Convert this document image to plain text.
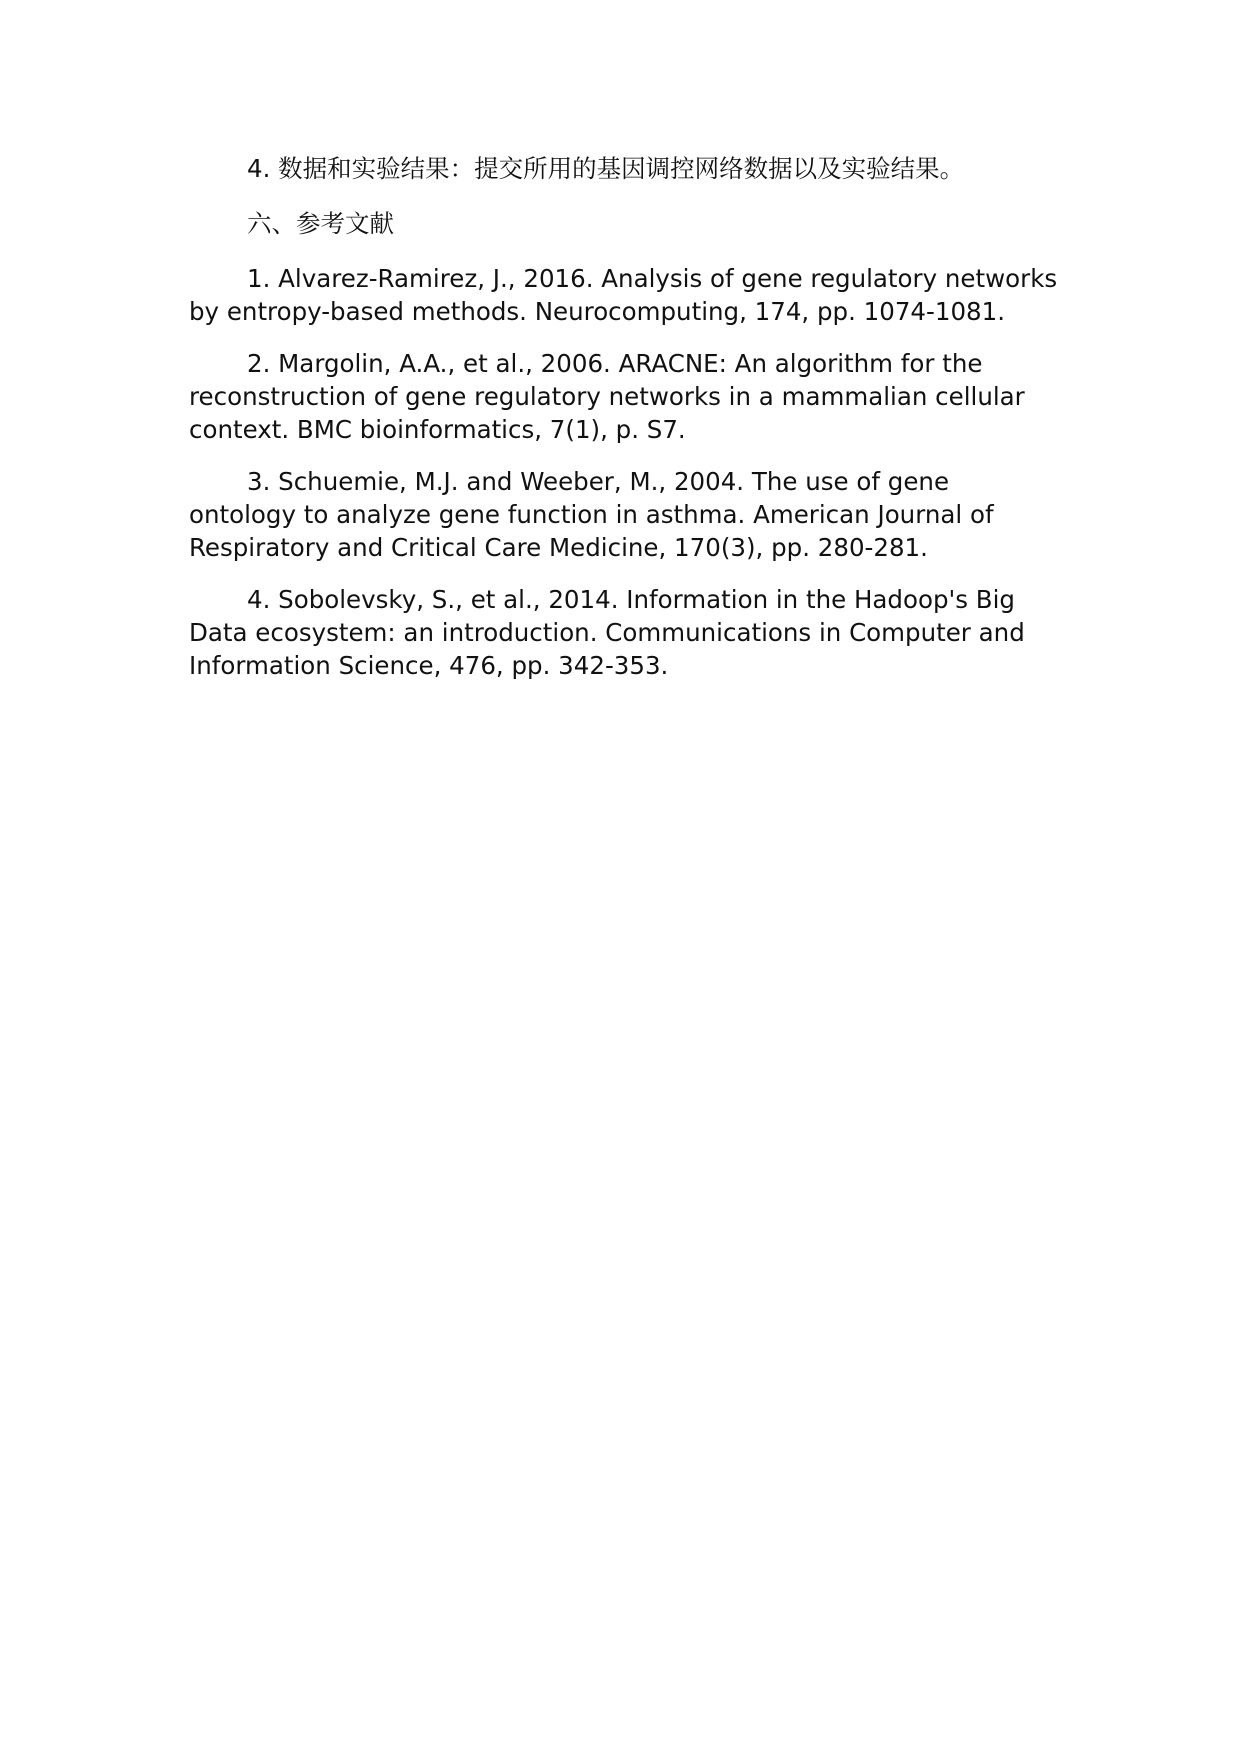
4. 数据和实验结果：提交所用的基因调控网络数据以及实验结果。

六、参考文献

1. Alvarez-Ramirez, J., 2016. Analysis of gene regulatory networks by entropy-based methods. Neurocomputing, 174, pp. 1074-1081.

2. Margolin, A.A., et al., 2006. ARACNE: An algorithm for the reconstruction of gene regulatory networks in a mammalian cellular context. BMC bioinformatics, 7(1), p. S7.

3. Schuemie, M.J. and Weeber, M., 2004. The use of gene ontology to analyze gene function in asthma. American Journal of Respiratory and Critical Care Medicine, 170(3), pp. 280-281.

4. Sobolevsky, S., et al., 2014. Information in the Hadoop's Big Data ecosystem: an introduction. Communications in Computer and Information Science, 476, pp. 342-353.
